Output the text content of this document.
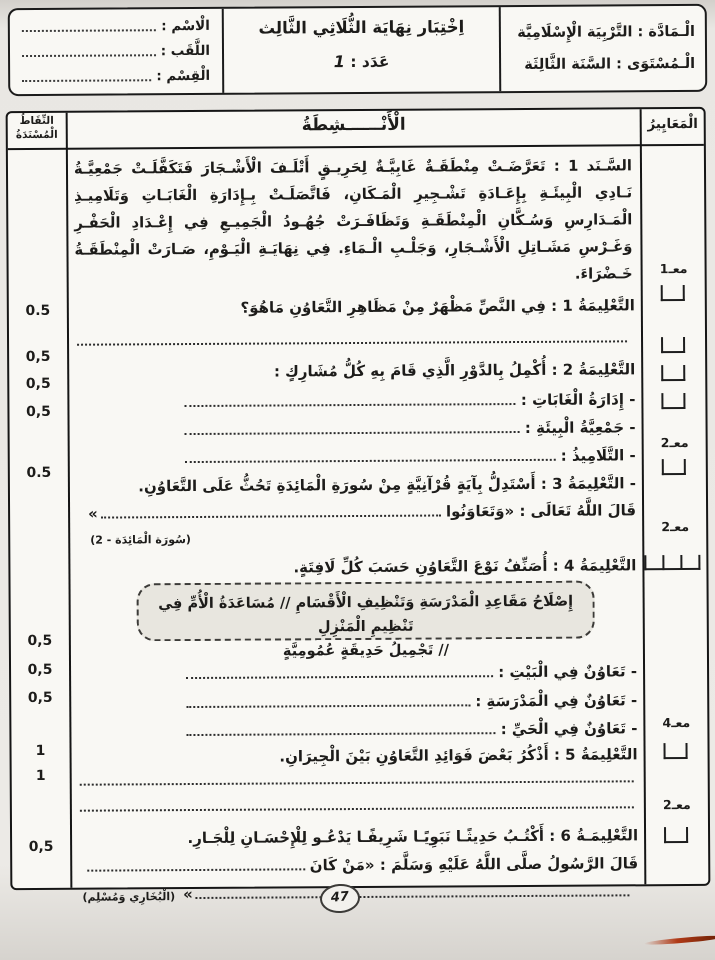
الْـمَادَّة : التَّرْبِيَة الْإِسْلَامِيَّة
الْـمُسْتَوَى : السَّنَة الثَّالِثَة
اِخْتِبَار نِهَايَة الثُّلَاثِي الثَّالِث
عَدَد : 1
الْاسْم :
اللَّقَب :
الْقِسْم :
النِّقَاطُ الْمُسْنَدَةُ	الْأَنْــــــشِطَةُ	الْمَعَايِيرُ
السَّـنَد 1 : تَعَرَّضَـتْ مِنْطَقَـةٌ غَابِيَّـةٌ لِحَرِيـقٍ أَتْلَـفَ الْأَشْـجَارَ فَتَكَفَّلَـتْ جَمْعِيَّـةُ نَـادِي الْبِيئَـةِ بِإِعَـادَةِ تَشْـجِيرِ الْمَـكَانِ، فَاتَّصَلَـتْ بِـإِدَارَةِ الْغَابَـاتِ وَتَلَامِيـذِ الْمَـدَارِسِ وَسُـكَّانِ الْمِنْطَقَـةِ وَتَظَافَـرَتْ جُهُـودُ الْجَمِيـعِ فِي إِعْـدَادِ الْحَفْـرِ وَغَـرْسِ مَشَـاتِلِ الْأَشْـجَارِ، وَجَلْـبِ الْـمَاءِ. فِي نِهَايَـةِ الْيَـوْمِ، صَـارَتْ الْمِنْطَقَـةُ خَـضْرَاءَ.
التَّعْلِيمَةُ 1 : فِي النَّصِّ مَظْهَرٌ مِنْ مَظَاهِرِ التَّعَاوُنِ مَاهُوَ؟
التَّعْلِيمَةُ 2 : أُكْمِلُ بِالدَّوْرِ الَّذِي قَامَ بِهِ كُلُّ مُشَارِكٍ :
- إِدَارَةُ الْغَابَاتِ :
- جَمْعِيَّةُ الْبِيئَةِ :
- التَّلَامِيذُ :
- التَّعْلِيمَةُ 3 : أَسْتَدِلُّ بِآيَةٍ قُرْآنِيَّةٍ مِنْ سُورَةِ الْمَائِدَةِ تَحُثُّ عَلَى التَّعَاوُنِ.
قَالَ اللَّهُ تَعَالَى : «وَتَعَاوَنُوا
»
(سُورَة الْمَائِدَة - 2)
التَّعْلِيمَةُ 4 : أُصَنِّفُ نَوْعَ التَّعَاوُنِ حَسَبَ كُلِّ لَافِتَةٍ.
إِصْلَاحُ مَقَاعِدِ الْمَدْرَسَةِ وَتَنْظِيفِ الْأَقْسَامِ // مُسَاعَدَةُ الْأُمِّ فِي تَنْظِيمِ الْمَنْزِلِ
// تَجْمِيلُ حَدِيقَةٍ عُمُومِيَّةٍ
- تَعَاوُنٌ فِي الْبَيْتِ :
- تَعَاوُنٌ فِي الْمَدْرَسَةِ :
- تَعَاوُنٌ فِي الْحَيِّ :
التَّعْلِيمَةُ 5 : أَذْكُرُ بَعْضَ فَوَائِدِ التَّعَاوُنِ بَيْنَ الْجِيرَانِ.
التَّعْلِيمَـةُ 6 : أَكْتُـبُ حَدِيثًـا نَبَوِيًـا شَرِيفًـا يَدْعُـو لِلْإِحْسَـانِ لِلْجَـارِ.
قَالَ الرَّسُولُ صلَّى اللَّهُ عَلَيْهِ وَسَلَّمَ : «مَنْ كَانَ
»
(الْبُخَارِي وَمُسْلِم)
0.5
0,5
0,5
0,5
0.5
0,5
0,5
0,5
1
1
0,5
معـ1
معـ2
معـ2
معـ4
معـ2
47
